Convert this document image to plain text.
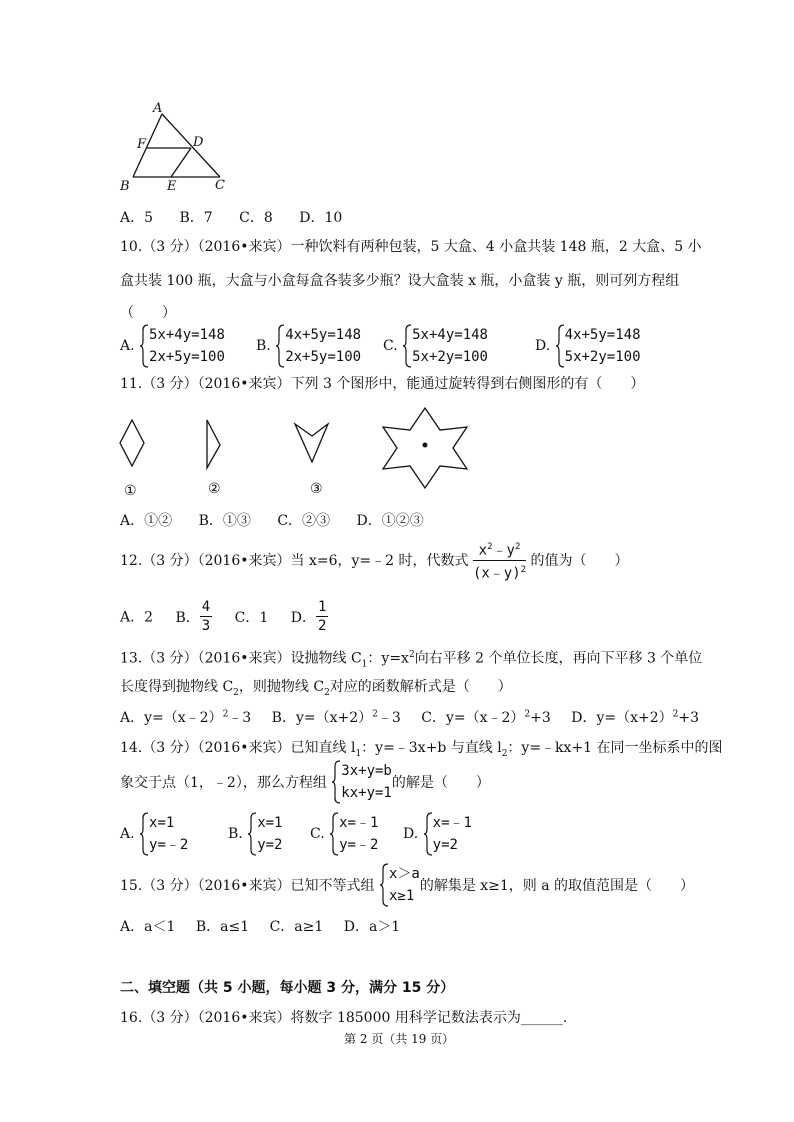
A
F	D
B	E	C
A．5 B．7 C．8 D．10
10.（3 分）（2016•来宾）一种饮料有两种包装，5 大盒、4 小盒共装 148 瓶，2 大盒、5 小
盒共装 100 瓶，大盒与小盒每盒各装多少瓶？设大盒装 x 瓶，小盒装 y 瓶，则可列方程组
（　　）
A.
5x+4y=148
2x+5y=100
B.
4x+5y=148
2x+5y=100
C.
5x+4y=148
5x+2y=100
D.
4x+5y=148
5x+2y=100
11.（3 分）（2016•来宾）下列 3 个图形中，能通过旋转得到右侧图形的有（　　）
①	②	③
A．①② B．①③ C．②③ D．①②③
12.（3 分）（2016•来宾）当 x=6，y=﹣2 时，代数式 $\frac{x^2﹣y^2}{(x﹣y)^2}$ 的值为（　　）
A．2 B． $\frac{4}{3}$ C．1 D． $\frac{1}{2}$
13.（3 分）（2016•来宾）设抛物线 $C_1$：$y=x^2$向右平移 2 个单位长度，再向下平移 3 个单位
长度得到抛物线 $C_2$，则抛物线 $C_2$对应的函数解析式是（　　）
A．y=（x﹣2）$^2$﹣3 B．$y=(x+2)^2﹣3$ C．y=（x﹣2）$^2$+3 D．$y=(x+2)^2+3$
14.（3 分）（2016•来宾）已知直线 $l_1$：y=﹣3x+b 与直线 $l_2$：y=﹣kx+1 在同一坐标系中的图
象交于点（1，﹣2），那么方程组
3x+y=b
kx+y=1
的解是（　　）
A.
x=1
y=﹣2
B.
x=1
y=2
C.
x=﹣1
y=﹣2
D.
x=﹣1
y=2
15.（3 分）（2016•来宾）已知不等式组
x＞a
x≥1
的解集是 x≥1，则 a 的取值范围是（　　）
A．a＜1 B．a≤1 C．a≥1 D．a＞1
二、填空题（共 5 小题，每小题 3 分，满分 15 分）
16.（3 分）（2016•来宾）将数字 185000 用科学记数法表示为______.
第 2 页（共 19 页）
